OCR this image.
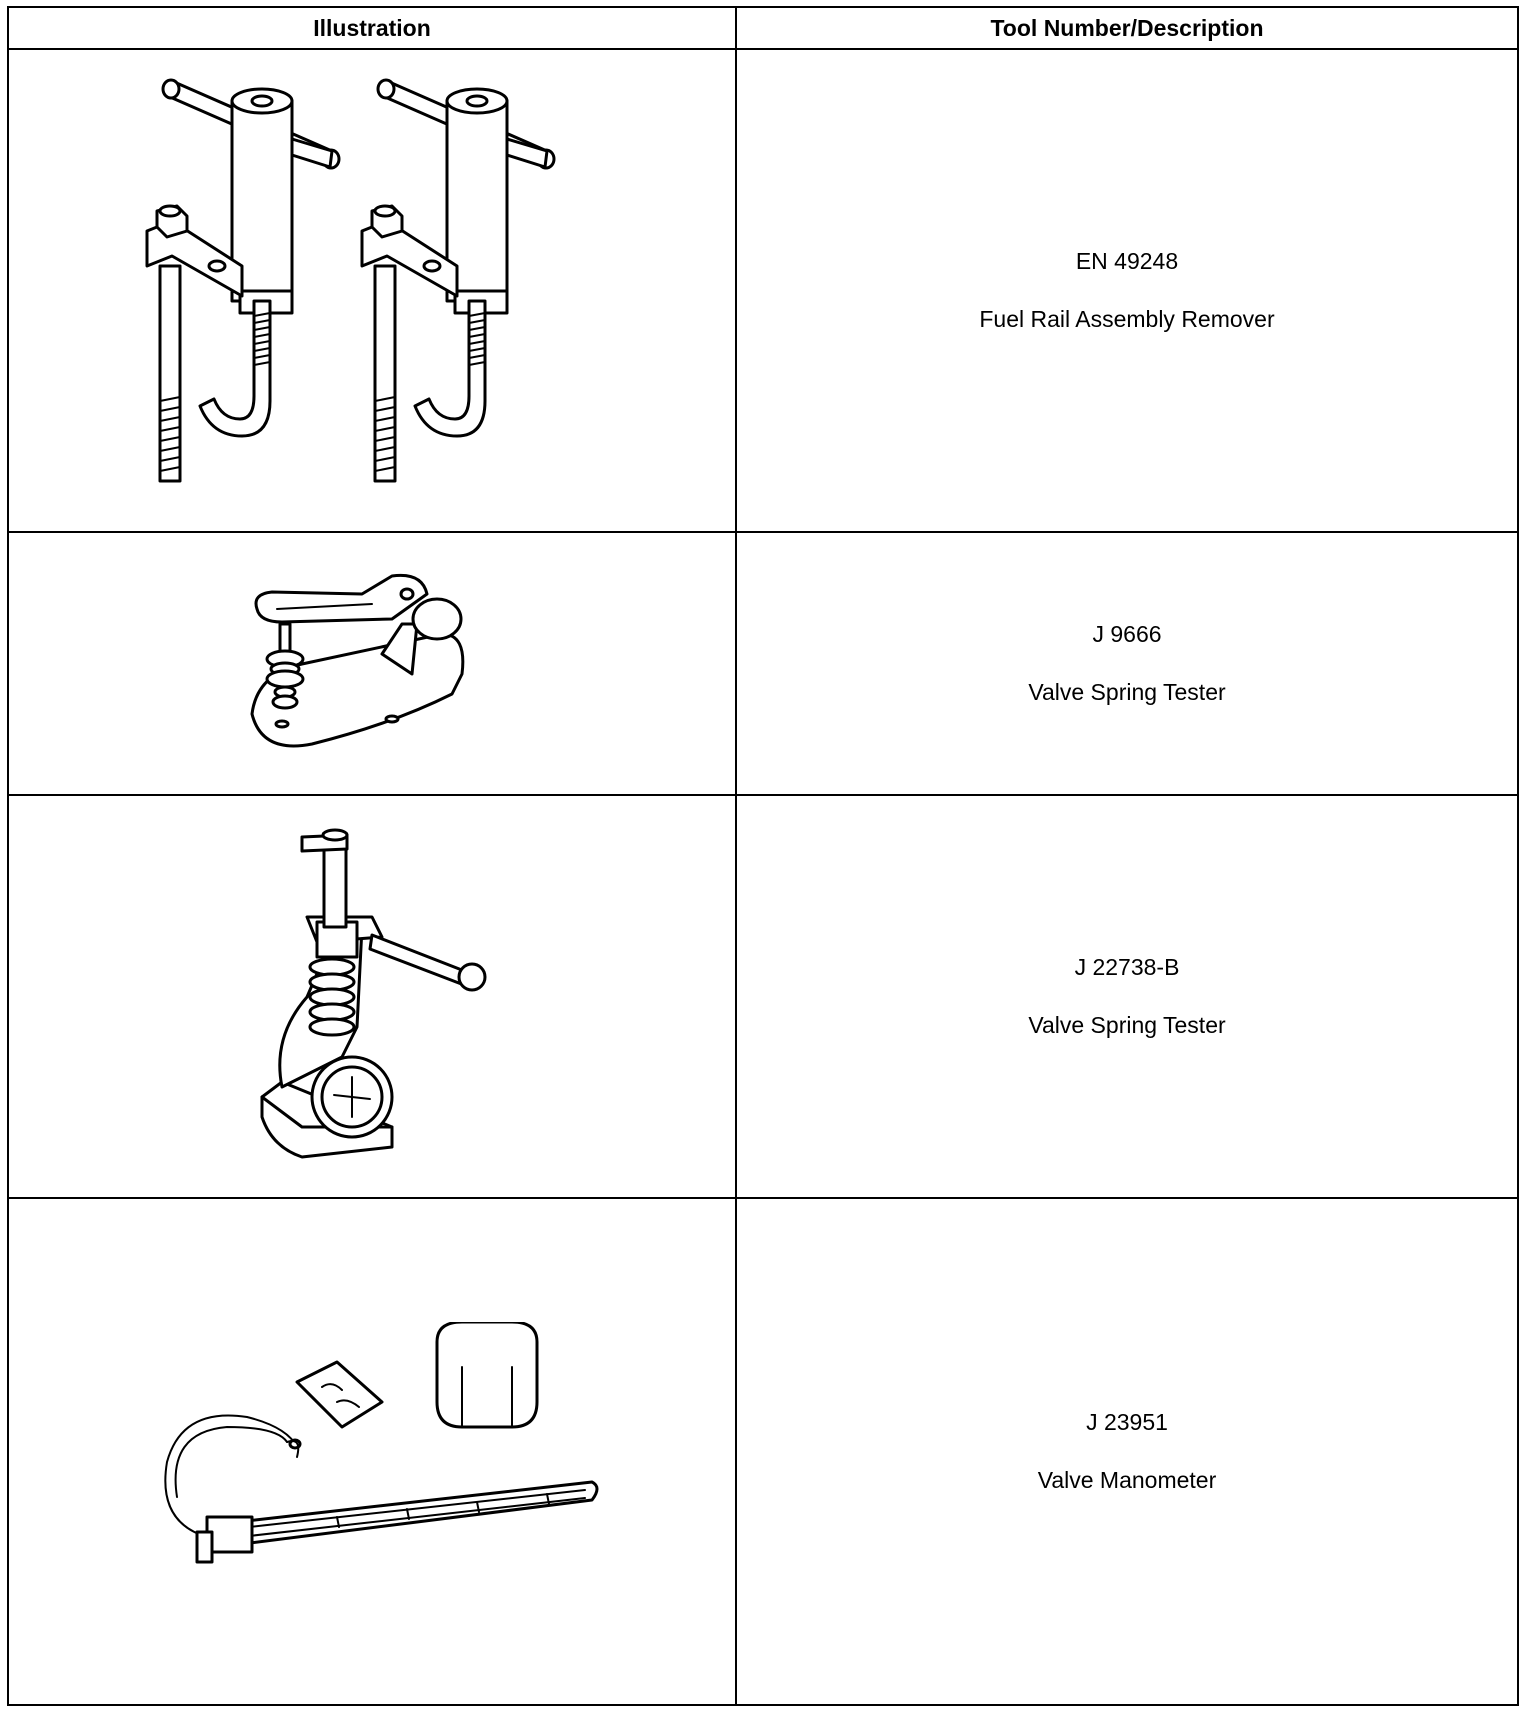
Illustration	Tool Number/Description

EN 49248
Fuel Rail Assembly Remover

J 9666
Valve Spring Tester

J 22738-B
Valve Spring Tester

J 23951
Valve Manometer
